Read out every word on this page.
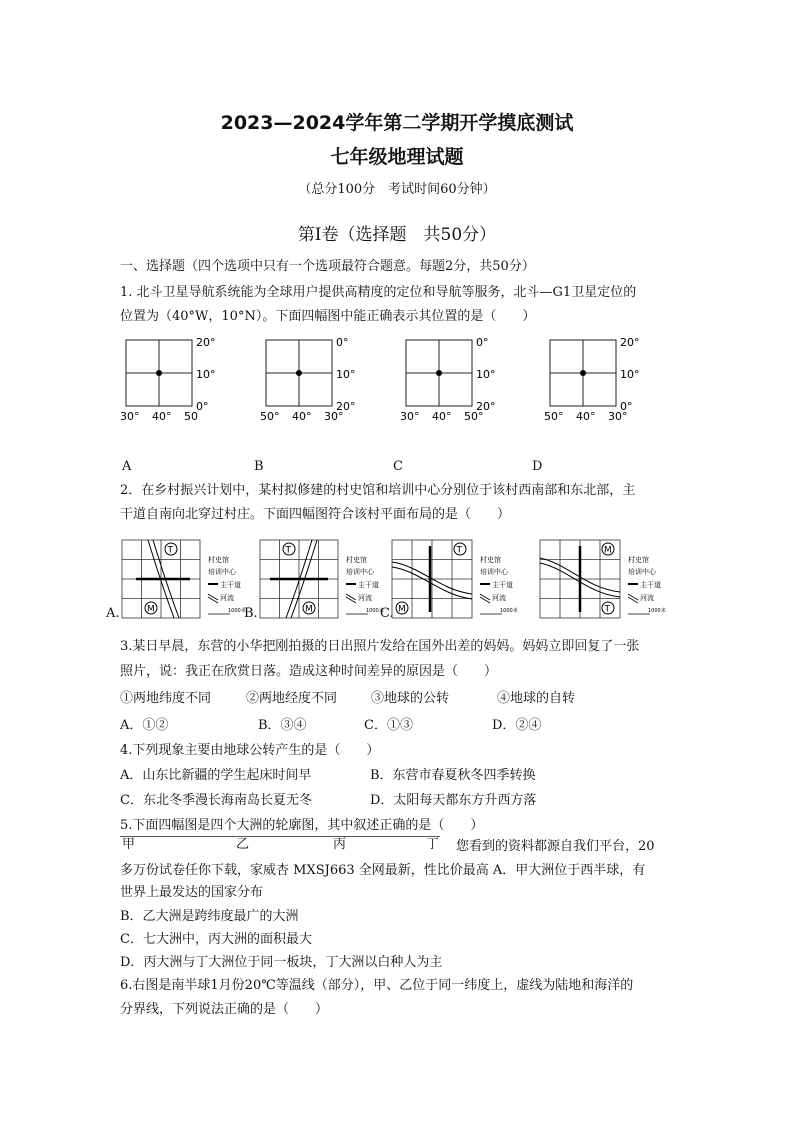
2023—2024学年第二学期开学摸底测试
七年级地理试题
（总分100分　考试时间60分钟）
第Ⅰ卷（选择题　共50分）
一、选择题（四个选项中只有一个选项最符合题意。每题2分，共50分）
1. 北斗卫星导航系统能为全球用户提供高精度的定位和导航等服务，北斗—G1卫星定位的
位置为（40°W，10°N）。下面四幅图中能正确表示其位置的是（　　）
30° 40° 50
20°
10°
0°
50° 40° 30°
0°
10°
20°
30° 40° 50°
0°
10°
20°
50° 40° 30°
20°
10°
0°
A	B	C	D
2．在乡村振兴计划中，某村拟修建的村史馆和培训中心分别位于该村西南部和东北部，主
干道自南向北穿过村庄。下面四幅图符合该村平面布局的是（　　）
A.
T
M
村史馆
培训中心
主干道
河流
1000米
B.
T
M
村史馆
培训中心
主干道
河流
1000米
C.
T
M
村史馆
培训中心
主干道
河流
1000米
M
T
村史馆
培训中心
主干道
河流
1000米
3.某日早晨，东营的小华把刚拍摄的日出照片发给在国外出差的妈妈。妈妈立即回复了一张
照片，说：我正在欣赏日落。造成这种时间差异的原因是（　　）
①两地纬度不同	②两地经度不同	③地球的公转	④地球的自转
A．①②	B．③④	C．①③	D．②④
4.下列现象主要由地球公转产生的是（　　）
A．山东比新疆的学生起床时间早	B．东营市春夏秋冬四季转换
C．东北冬季漫长海南岛长夏无冬	D．太阳每天都东方升西方落
5.下面四幅图是四个大洲的轮廓图，其中叙述正确的是（　　）
甲	乙	丙	丁 您看到的资料都源自我们平台，20
多万份试卷任你下载，家威杏 MXSJ663 全网最新，性比价最高 A．甲大洲位于西半球，有
世界上最发达的国家分布
B．乙大洲是跨纬度最广的大洲
C．七大洲中，丙大洲的面积最大
D．丙大洲与丁大洲位于同一板块，丁大洲以白种人为主
6.右图是南半球1月份20℃等温线（部分），甲、乙位于同一纬度上，虚线为陆地和海洋的
分界线，下列说法正确的是（　　）
